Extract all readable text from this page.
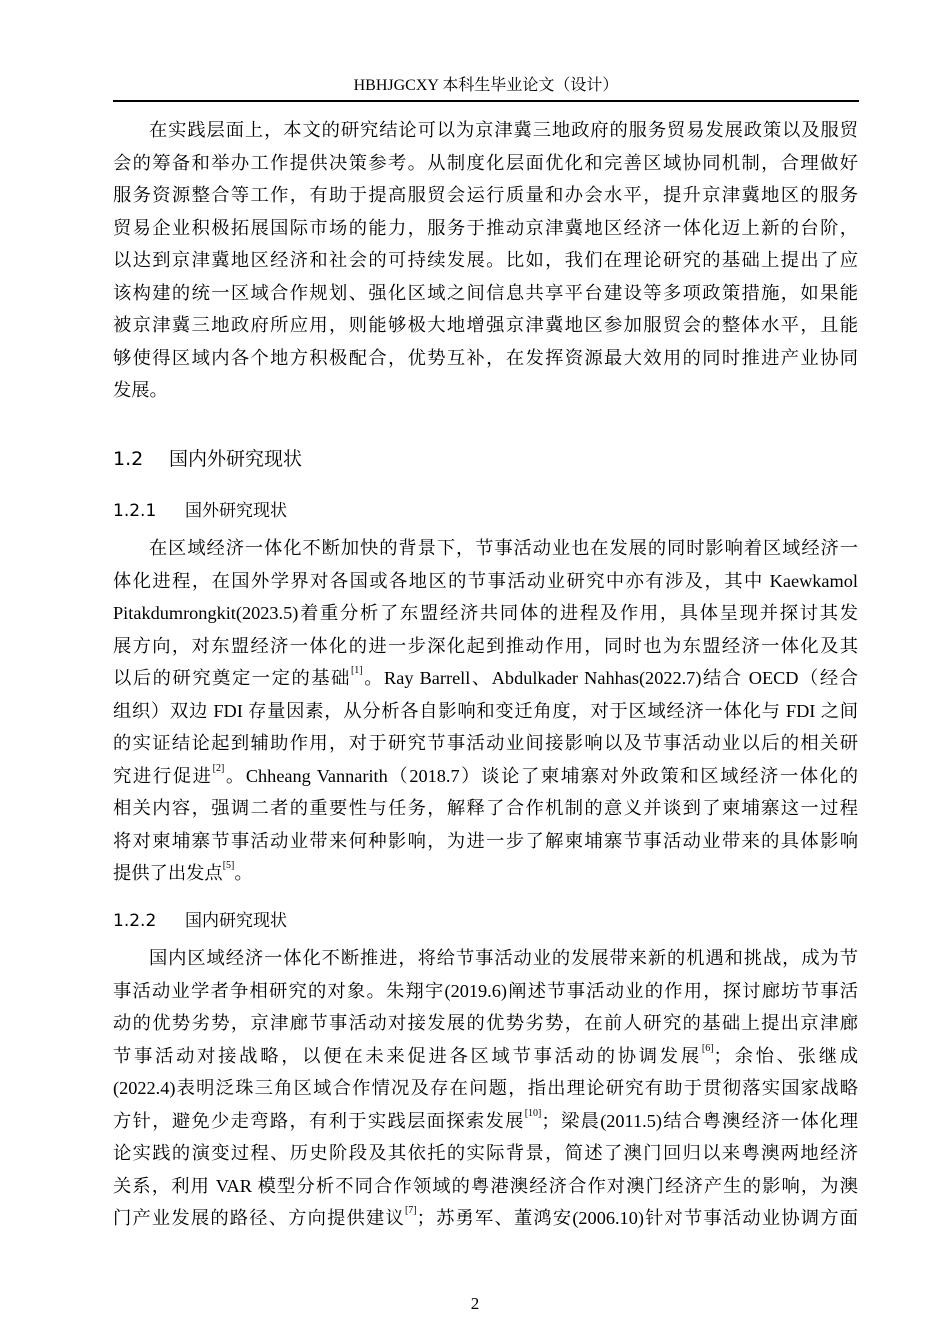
HBHJGCXY 本科生毕业论文（设计）
在实践层面上，本文的研究结论可以为京津冀三地政府的服务贸易发展政策以及服贸
会的筹备和举办工作提供决策参考。从制度化层面优化和完善区域协同机制，合理做好
服务资源整合等工作，有助于提高服贸会运行质量和办会水平，提升京津冀地区的服务
贸易企业积极拓展国际市场的能力，服务于推动京津冀地区经济一体化迈上新的台阶，
以达到京津冀地区经济和社会的可持续发展。比如，我们在理论研究的基础上提出了应
该构建的统一区域合作规划、强化区域之间信息共享平台建设等多项政策措施，如果能
被京津冀三地政府所应用，则能够极大地增强京津冀地区参加服贸会的整体水平，且能
够使得区域内各个地方积极配合，优势互补，在发挥资源最大效用的同时推进产业协同
发展。
1.2 国内外研究现状
1.2.1 国外研究现状
在区域经济一体化不断加快的背景下，节事活动业也在发展的同时影响着区域经济一
体化进程，在国外学界对各国或各地区的节事活动业研究中亦有涉及，其中 Kaewkamol
Pitakdumrongkit(2023.5)着重分析了东盟经济共同体的进程及作用，具体呈现并探讨其发
展方向，对东盟经济一体化的进一步深化起到推动作用，同时也为东盟经济一体化及其
以后的研究奠定一定的基础[1]。Ray Barrell、Abdulkader Nahhas(2022.7)结合 OECD（经合
组织）双边 FDI 存量因素，从分析各自影响和变迁角度，对于区域经济一体化与 FDI 之间
的实证结论起到辅助作用，对于研究节事活动业间接影响以及节事活动业以后的相关研
究进行促进[2]。Chheang Vannarith（2018.7）谈论了柬埔寨对外政策和区域经济一体化的
相关内容，强调二者的重要性与任务，解释了合作机制的意义并谈到了柬埔寨这一过程
将对柬埔寨节事活动业带来何种影响，为进一步了解柬埔寨节事活动业带来的具体影响
提供了出发点[5]。
1.2.2 国内研究现状
国内区域经济一体化不断推进，将给节事活动业的发展带来新的机遇和挑战，成为节
事活动业学者争相研究的对象。朱翔宇(2019.6)阐述节事活动业的作用，探讨廊坊节事活
动的优势劣势，京津廊节事活动对接发展的优势劣势，在前人研究的基础上提出京津廊
节事活动对接战略，以便在未来促进各区域节事活动的协调发展[6]；余怡、张继成
(2022.4)表明泛珠三角区域合作情况及存在问题，指出理论研究有助于贯彻落实国家战略
方针，避免少走弯路，有利于实践层面探索发展[10]；梁晨(2011.5)结合粤澳经济一体化理
论实践的演变过程、历史阶段及其依托的实际背景，简述了澳门回归以来粤澳两地经济
关系，利用 VAR 模型分析不同合作领域的粤港澳经济合作对澳门经济产生的影响，为澳
门产业发展的路径、方向提供建议[7]；苏勇军、董鸿安(2006.10)针对节事活动业协调方面
2
